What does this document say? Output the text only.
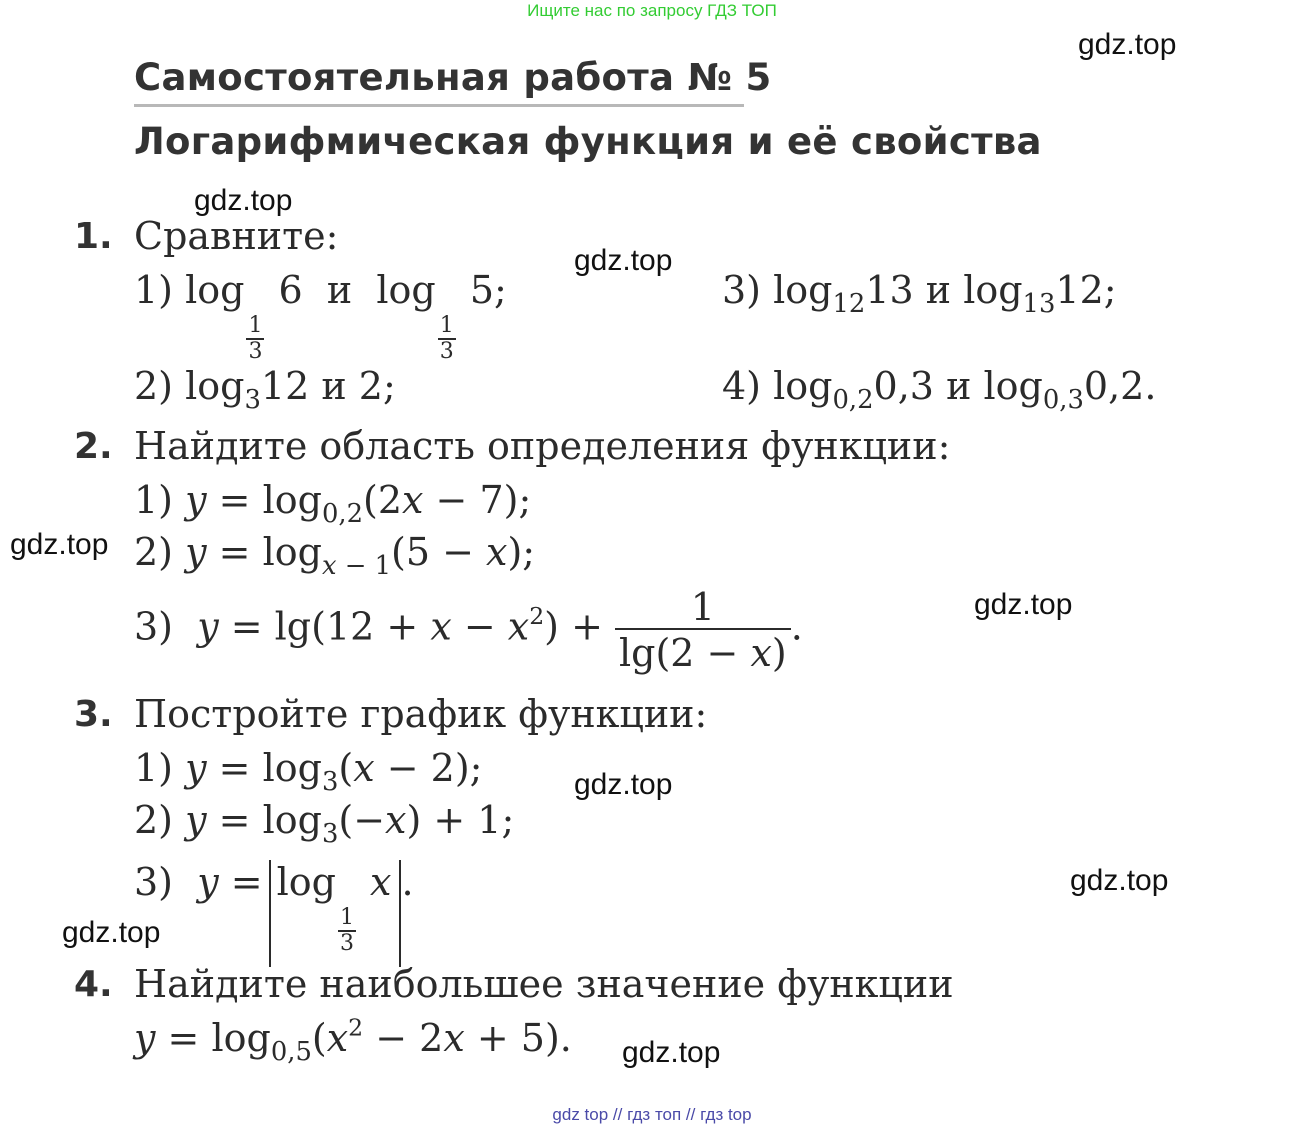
Ищите нас по запросу ГДЗ ТОП
gdz.top
gdz.top
gdz.top
gdz.top
gdz.top
gdz.top
gdz.top
gdz.top
gdz.top
Самостоятельная работа № 5
Логарифмическая функция и её свойства
1. Сравните:
1) log
$\frac{1}{3}$
6 и  log
$\frac{1}{3}$
5;	3) $\log_{12}13$ и $\log_{13}12$;
2) $\log_312$ и 2;	4) $\log_{0,2}0,3$ и $\log_{0,3}0,2$.
2. Найдите область определения функции:
1) $y = \log_{0,2}(2x - 7)$;
2) $y = \log_{x - 1}(5 - x)$;
3) $y = \lg(12 + x - x^2) + \frac{1}{\lg(2 - x)}$ .
3. Постройте график функции:
1) $y = \log_3(x - 2)$;
2) $y = \log_3(-x) + 1$;
3) y = log
$\frac{1}{3}$
x .
4. Найдите наибольшее значение функции
$y = \log_{0,5}(x^2 - 2x + 5)$.
gdz top // гдз топ // гдз top
